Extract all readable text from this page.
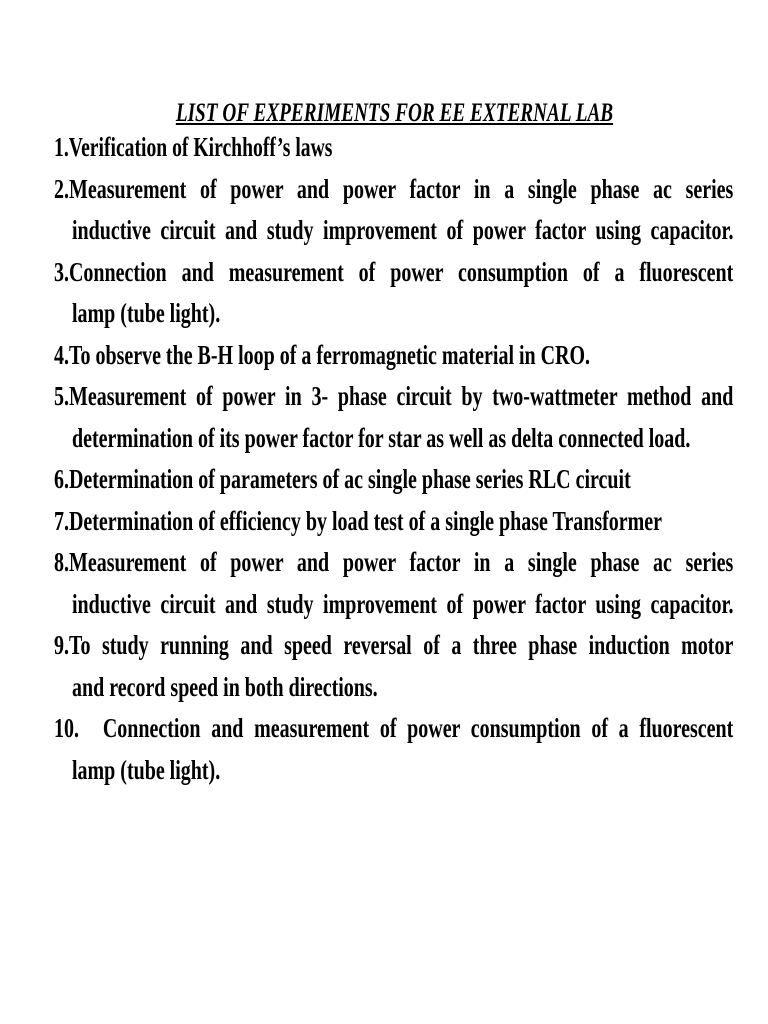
LIST OF EXPERIMENTS FOR EE EXTERNAL LAB
1.Verification of Kirchhoff’s laws
2.Measurement of power and power factor in a single phase ac series
inductive circuit and study improvement of power factor using capacitor.
3.Connection and measurement of power consumption of a fluorescent
lamp (tube light).
4.To observe the B-H loop of a ferromagnetic material in CRO.
5.Measurement of power in 3- phase circuit by two-wattmeter method and
determination of its power factor for star as well as delta connected load.
6.Determination of parameters of ac single phase series RLC circuit
7.Determination of efficiency by load test of a single phase Transformer
8.Measurement of power and power factor in a single phase ac series
inductive circuit and study improvement of power factor using capacitor.
9.To study running and speed reversal of a three phase induction motor
and record speed in both directions.
10. Connection and measurement of power consumption of a fluorescent
lamp (tube light).
